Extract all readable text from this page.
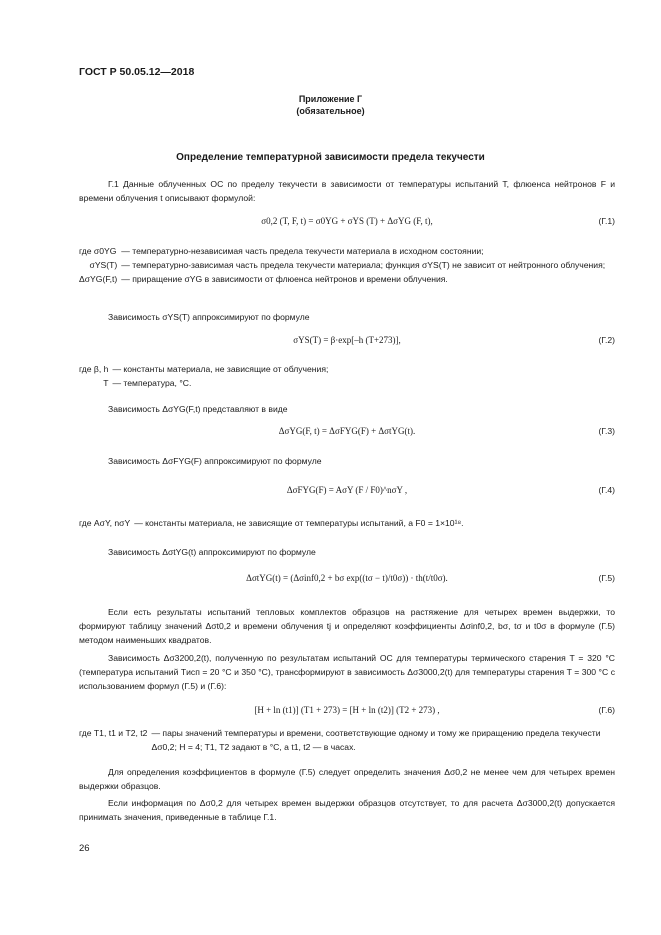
ГОСТ Р 50.05.12—2018
Приложение Г
(обязательное)
Определение температурной зависимости предела текучести
Г.1 Данные облученных ОС по пределу текучести в зависимости от температуры испытаний T, флюенса нейтронов F и времени облучения t описывают формулой:
σ0,2 (T, F, t) = σ0YG + σYS (T) + ΔσYG (F, t),	(Г.1)
где σ0YG	— температурно-независимая часть предела текучести материала в исходном состоянии;
σYS(T)	— температурно-зависимая часть предела текучести материала; функция σYS(T) не зависит от нейтронного облучения;
ΔσYG(F,t)	— приращение σYG в зависимости от флюенса нейтронов и времени облучения.
Зависимость σYS(T) аппроксимируют по формуле
σYS(T) = β·exp[–h (T+273)],	(Г.2)
где β, h	— константы материала, не зависящие от облучения;
T	— температура, °С.
Зависимость ΔσYG(F,t) представляют в виде
ΔσYG(F, t) = ΔσFYG(F) + ΔσtYG(t).	(Г.3)
Зависимость ΔσFYG(F) аппроксимируют по формуле
ΔσFYG(F) = AσY (F / F0)^nσY ,	(Г.4)
где AσY, nσY	— константы материала, не зависящие от температуры испытаний, а F0 = 1×10¹⁸.
Зависимость ΔσtYG(t) аппроксимируют по формуле
ΔσtYG(t) = (Δσinf0,2 + bσ exp((tσ − t)/t0σ)) · th(t/t0σ).	(Г.5)
Если есть результаты испытаний тепловых комплектов образцов на растяжение для четырех времен выдержки, то формируют таблицу значений Δσt0,2 и времени облучения tj и определяют коэффициенты Δσinf0,2, bσ, tσ и t0σ в формуле (Г.5) методом наименьших квадратов.
Зависимость Δσ3200,2(t), полученную по результатам испытаний ОС для температуры термического старения T = 320 °С (температура испытаний Tисп = 20 °С и 350 °С), трансформируют в зависимость Δσ3000,2(t) для температуры старения T = 300 °С с использованием формул (Г.5) и (Г.6):
[H + ln (t1)] (T1 + 273) = [H + ln (t2)] (T2 + 273) ,	(Г.6)
где T1, t1 и T2, t2	— пары значений температуры и времени, соответствующие одному и тому же приращению предела текучести Δσ0,2; H = 4; T1, T2 задают в °С, а t1, t2 — в часах.
Для определения коэффициентов в формуле (Г.5) следует определить значения Δσ0,2 не менее чем для четырех времен выдержки образцов.
Если информация по Δσ0,2 для четырех времен выдержки образцов отсутствует, то для расчета Δσ3000,2(t) допускается принимать значения, приведенные в таблице Г.1.
26
